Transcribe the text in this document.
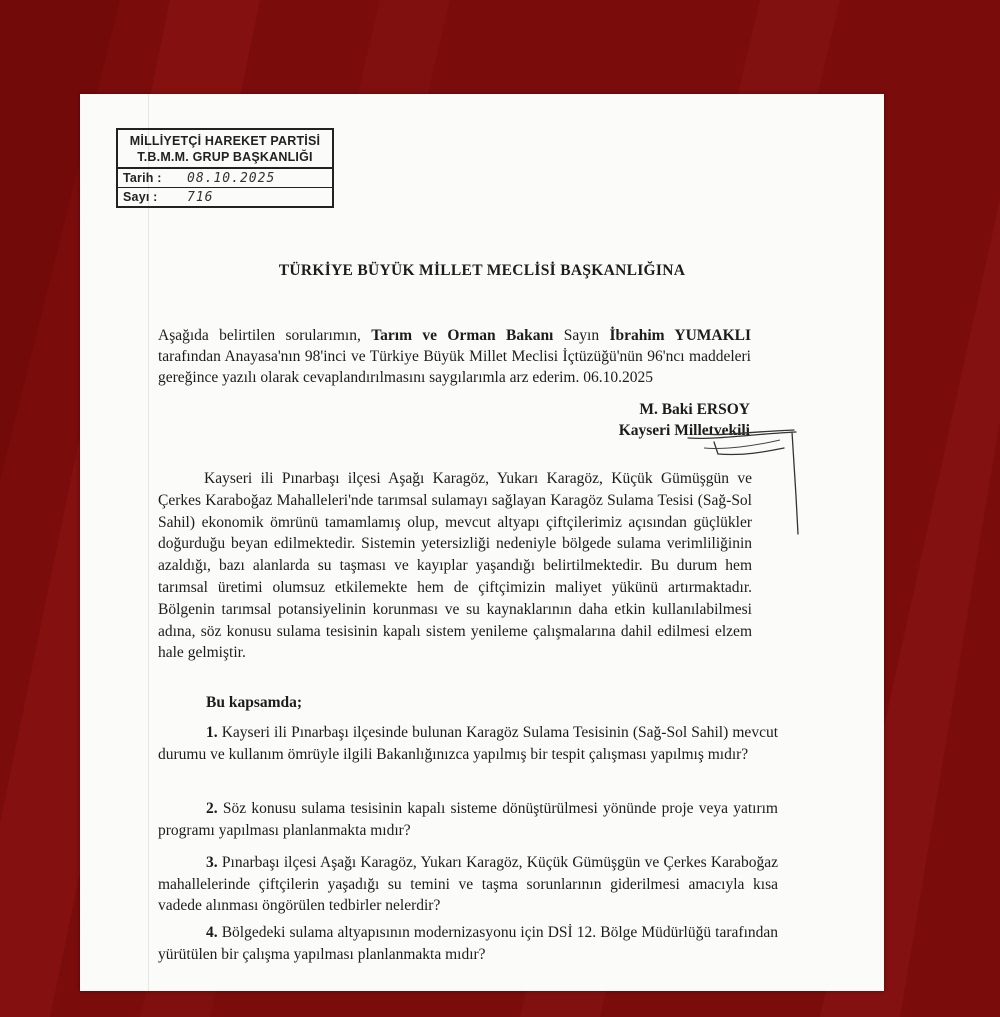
MİLLİYETÇİ HAREKET PARTİSİ
T.B.M.M. GRUP BAŞKANLIĞI
Tarih :	08.10.2025
Sayı :	716
TÜRKİYE BÜYÜK MİLLET MECLİSİ BAŞKANLIĞINA
Aşağıda belirtilen sorularımın, Tarım ve Orman Bakanı Sayın İbrahim YUMAKLI tarafından Anayasa'nın 98'inci ve Türkiye Büyük Millet Meclisi İçtüzüğü'nün 96'ncı maddeleri gereğince yazılı olarak cevaplandırılmasını saygılarımla arz ederim. 06.10.2025
M. Baki ERSOY
Kayseri Milletvekili
Kayseri ili Pınarbaşı ilçesi Aşağı Karagöz, Yukarı Karagöz, Küçük Gümüşgün ve Çerkes Karaboğaz Mahalleleri'nde tarımsal sulamayı sağlayan Karagöz Sulama Tesisi (Sağ-Sol Sahil) ekonomik ömrünü tamamlamış olup, mevcut altyapı çiftçilerimiz açısından güçlükler doğurduğu beyan edilmektedir. Sistemin yetersizliği nedeniyle bölgede sulama verimliliğinin azaldığı, bazı alanlarda su taşması ve kayıplar yaşandığı belirtilmektedir. Bu durum hem tarımsal üretimi olumsuz etkilemekte hem de çiftçimizin maliyet yükünü artırmaktadır. Bölgenin tarımsal potansiyelinin korunması ve su kaynaklarının daha etkin kullanılabilmesi adına, söz konusu sulama tesisinin kapalı sistem yenileme çalışmalarına dahil edilmesi elzem hale gelmiştir.
Bu kapsamda;
1. Kayseri ili Pınarbaşı ilçesinde bulunan Karagöz Sulama Tesisinin (Sağ-Sol Sahil) mevcut durumu ve kullanım ömrüyle ilgili Bakanlığınızca yapılmış bir tespit çalışması yapılmış mıdır?
2. Söz konusu sulama tesisinin kapalı sisteme dönüştürülmesi yönünde proje veya yatırım programı yapılması planlanmakta mıdır?
3. Pınarbaşı ilçesi Aşağı Karagöz, Yukarı Karagöz, Küçük Gümüşgün ve Çerkes Karaboğaz mahallelerinde çiftçilerin yaşadığı su temini ve taşma sorunlarının giderilmesi amacıyla kısa vadede alınması öngörülen tedbirler nelerdir?
4. Bölgedeki sulama altyapısının modernizasyonu için DSİ 12. Bölge Müdürlüğü tarafından yürütülen bir çalışma yapılması planlanmakta mıdır?
